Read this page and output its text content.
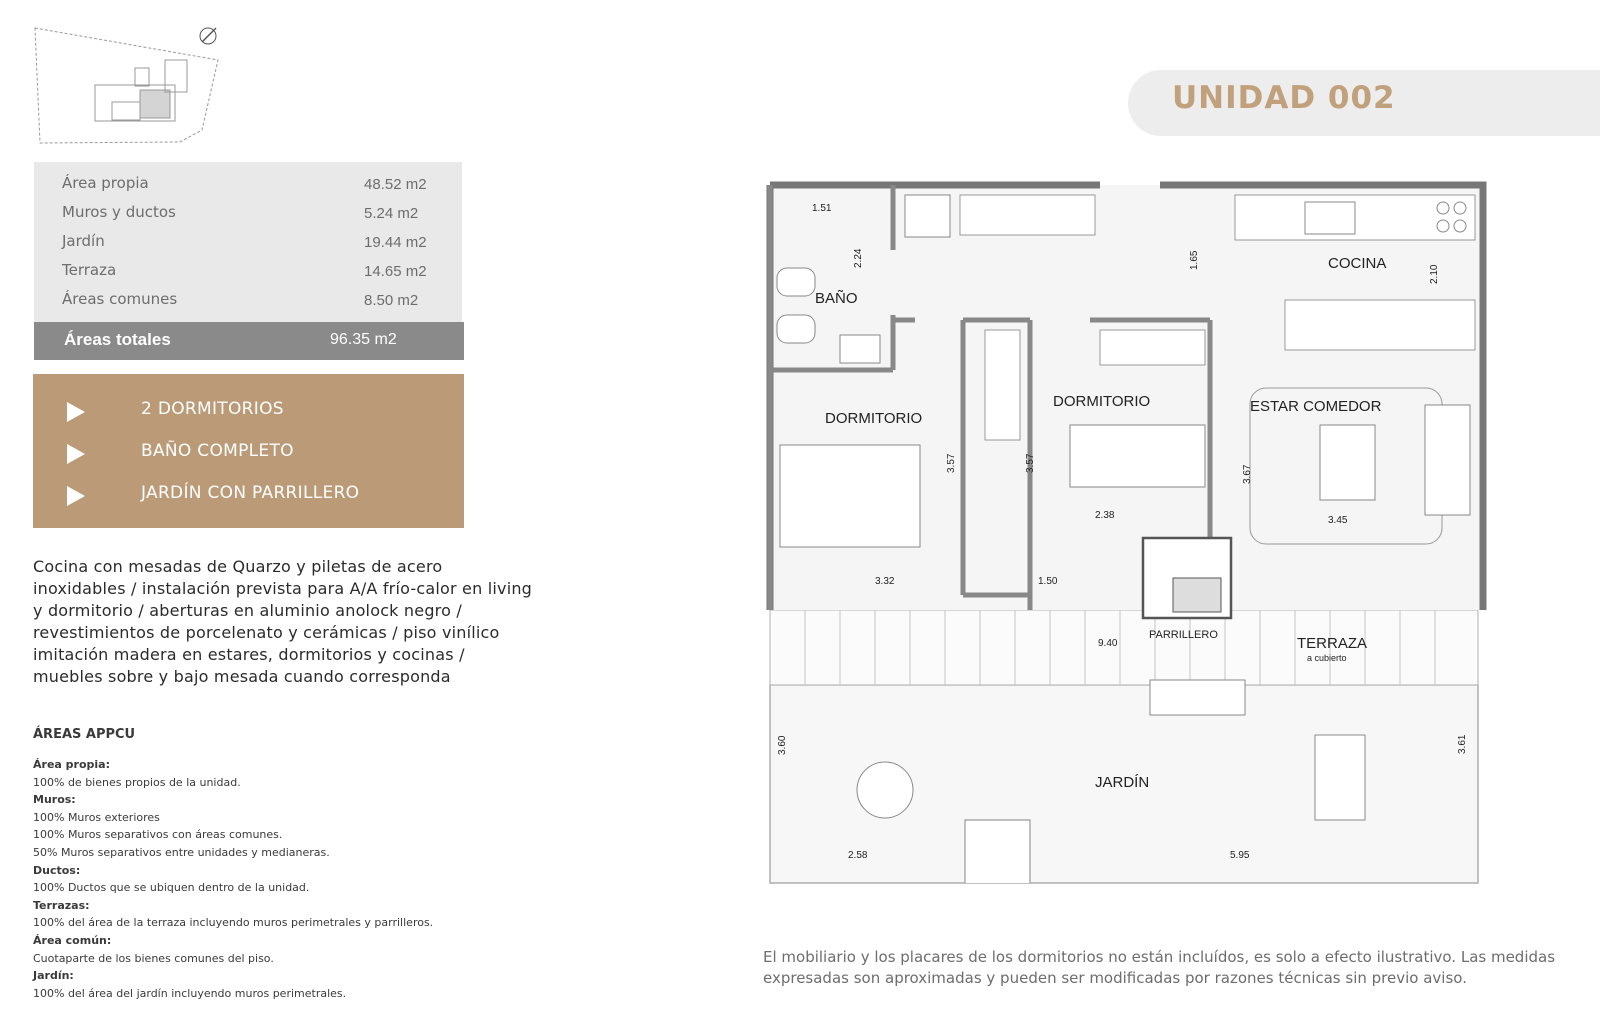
Área propia	48.52 m2
Muros y ductos	5.24 m2
Jardín	19.44 m2
Terraza	14.65 m2
Áreas comunes	8.50 m2
Áreas totales	96.35 m2
2 DORMITORIOS
BAÑO COMPLETO
JARDÍN CON PARRILLERO
Cocina con mesadas de Quarzo y piletas de acero inoxidables / instalación prevista para A/A frío-calor en living y dormitorio / aberturas en aluminio anolock negro / revestimientos de porcelenato y cerámicas / piso vinílico imitación madera en estares, dormitorios y cocinas / muebles sobre y bajo mesada cuando corresponda
ÁREAS APPCU
Área propia:
100% de bienes propios de la unidad.
Muros:
100% Muros exteriores
100% Muros separativos con áreas comunes.
50% Muros separativos entre unidades y medianeras.
Ductos:
100% Ductos que se ubiquen dentro de la unidad.
Terrazas:
100% del área de la terraza incluyendo muros perimetrales y parrilleros.
Área común:
Cuotaparte de los bienes comunes del piso.
Jardín:
100% del área del jardín incluyendo muros perimetrales.
UNIDAD 002
BAÑO
COCINA
DORMITORIO
DORMITORIO	ESTAR COMEDOR
PARRILLERO	TERRAZA
a cubierto
JARDÍN
1.51
2.24	1.65
2.10
3.57
3.32
3.57
2.38
1.50
3.67
3.45
9.40
3.60	3.61
2.58	5.95
El mobiliario y los placares de los dormitorios no están incluídos, es solo a efecto ilustrativo. Las medidas expresadas son aproximadas y pueden ser modificadas por razones técnicas sin previo aviso.
